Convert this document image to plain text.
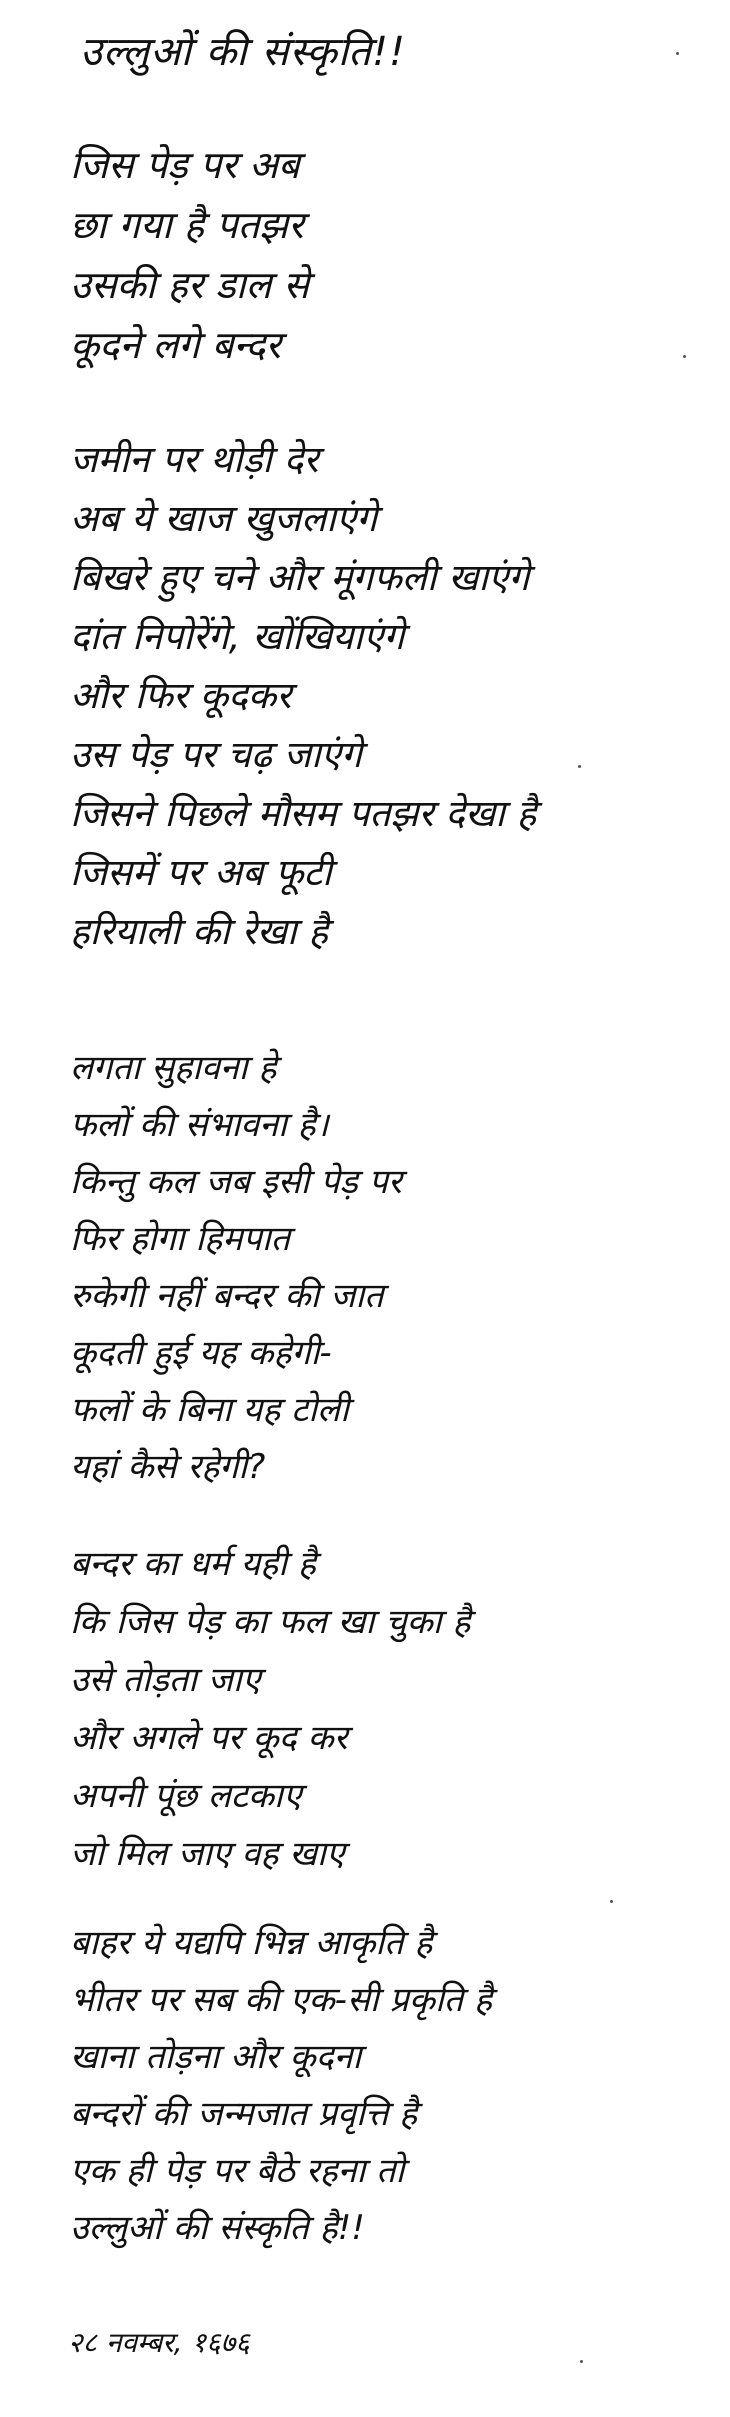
उल्लुओं की संस्कृति!!
जिस पेड़ पर अब
छा गया है पतझर
उसकी हर डाल से
कूदने लगे बन्दर
जमीन पर थोड़ी देर
अब ये खाज खुजलाएंगे
बिखरे हुए चने और मूंगफली खाएंगे
दांत निपोरेंगे, खोंखियाएंगे
और फिर कूदकर
उस पेड़ पर चढ़ जाएंगे
जिसने पिछले मौसम पतझर देखा है
जिसमें पर अब फूटी
हरियाली की रेखा है
लगता सुहावना हे
फलों की संभावना है।
किन्तु कल जब इसी पेड़ पर
फिर होगा हिमपात
रुकेगी नहीं बन्दर की जात
कूदती हुई यह कहेगी-
फलों के बिना यह टोली
यहां कैसे रहेगी?
बन्दर का धर्म यही है
कि जिस पेड़ का फल खा चुका है
उसे तोड़ता जाए
और अगले पर कूद कर
अपनी पूंछ लटकाए
जो मिल जाए वह खाए
बाहर ये यद्यपि भिन्न आकृति है
भीतर पर सब की एक-सी प्रकृति है
खाना तोड़ना और कूदना
बन्दरों की जन्मजात प्रवृत्ति है
एक ही पेड़ पर बैठे रहना तो
उल्लुओं की संस्कृति है!!
२८ नवम्बर, १६७६
